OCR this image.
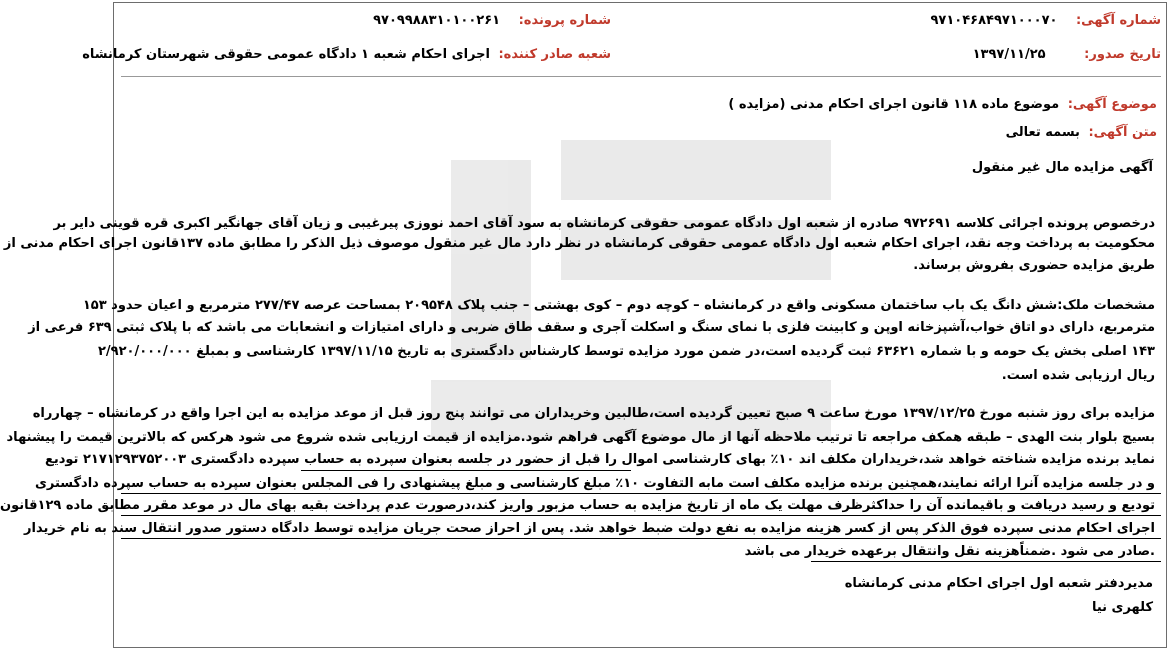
شماره آگهی: ۹۷۱۰۴۶۸۴۹۷۱۰۰۰۷۰
شماره پرونده: ۹۷۰۹۹۸۸۳۱۰۱۰۰۲۶۱
تاریخ صدور: ۱۳۹۷/۱۱/۲۵
شعبه صادر کننده: اجرای احکام شعبه ۱ دادگاه عمومی حقوقی شهرستان کرمانشاه
موضوع آگهی: موضوع ماده ۱۱۸ قانون اجرای احکام مدنی (مزایده )
متن آگهی: بسمه تعالی
آگهی مزایده مال غیر منقول
درخصوص پرونده اجرائی کلاسه ۹۷۲۶۹۱ صادره از شعبه اول دادگاه عمومی حقوقی کرمانشاه به سود آقای احمد نووزی پیرغیبی و زیان آقای جهانگیر اکبری قره قوینی دایر بر
محکومیت به پرداخت وجه نقد، اجرای احکام شعبه اول دادگاه عمومی حقوقی کرمانشاه در نظر دارد مال غیر منقول موصوف ذیل الذکر را مطابق ماده ۱۳۷قانون اجرای احکام مدنی از
طریق مزایده حضوری بفروش برساند.
مشخصات ملک:شش دانگ یک باب ساختمان مسکونی واقع در کرمانشاه – کوچه دوم – کوی بهشتی – جنب پلاک ۲۰۹۵۴۸ بمساحت عرصه ۲۷۷/۴۷ مترمربع و اعیان حدود ۱۵۳
مترمربع، دارای دو اتاق خواب،آشپزخانه اوپن و کابینت فلزی با نمای سنگ و اسکلت آجری و سقف طاق ضربی و دارای امتیازات و انشعابات می باشد که با پلاک ثبتی ۶۳۹ فرعی از
۱۴۳ اصلی بخش یک حومه و با شماره ۶۳۶۲۱ ثبت گردیده است،در ضمن مورد مزایده توسط کارشناس دادگستری به تاریخ ۱۳۹۷/۱۱/۱۵ کارشناسی و بمبلغ ۲/۹۲۰/۰۰۰/۰۰۰
ریال ارزیابی شده است.
مزایده برای روز شنبه مورخ ۱۳۹۷/۱۲/۲۵ مورخ ساعت ۹ صبح تعیین گردیده است،طالبین وخریداران می توانند پنج روز قبل از موعد مزایده به این اجرا واقع در کرمانشاه – چهارراه
بسیج بلوار بنت الهدی – طبقه همکف مراجعه تا ترتیب ملاحظه آنها از مال موضوع آگهی فراهم شود.مزایده از قیمت ارزیابی شده شروع می شود هرکس که بالاترین قیمت را پیشنهاد
نماید برنده مزایده شناخته خواهد شد،خریداران مکلف اند ۱۰٪ بهای کارشناسی اموال را قبل از حضور در جلسه بعنوان سپرده به حساب سپرده دادگستری ۲۱۷۱۲۹۳۷۵۲۰۰۳ تودیع
و در جلسه مزایده آنرا ارائه نمایند،همچنین برنده مزایده مکلف است مابه التفاوت ۱۰٪ مبلغ کارشناسی و مبلغ پیشنهادی را فی المجلس بعنوان سپرده به حساب سپرده دادگستری
تودیع و رسید دریافت و باقیمانده آن را حداکثرظرف مهلت یک ماه از تاریخ مزایده به حساب مزبور واریز کند،درصورت عدم پرداخت بقیه بهای مال در موعد مقرر مطابق ماده ۱۲۹قانون
اجرای احکام مدنی سپرده فوق الذکر پس از کسر هزینه مزایده به نفع دولت ضبط خواهد شد. پس از احراز صحت جریان مزایده توسط دادگاه دستور صدور انتقال سند به نام خریدار
.صادر می شود .ضمناًهزینه نقل وانتقال برعهده خریدار می باشد
مدیردفتر شعبه اول اجرای احکام مدنی کرمانشاه
کلهری نیا
